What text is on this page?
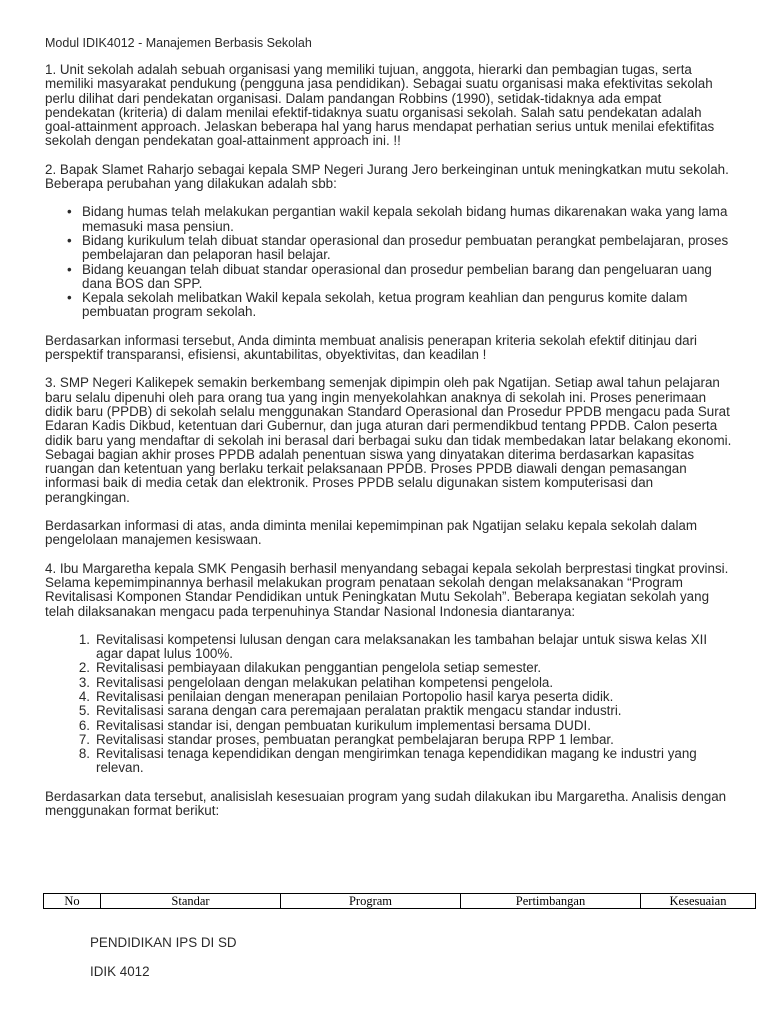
Modul IDIK4012 - Manajemen Berbasis Sekolah

1. Unit sekolah adalah sebuah organisasi yang memiliki tujuan, anggota, hierarki dan pembagian tugas, serta memiliki masyarakat pendukung (pengguna jasa pendidikan). Sebagai suatu organisasi maka efektivitas sekolah perlu dilihat dari pendekatan organisasi. Dalam pandangan Robbins (1990), setidak-tidaknya ada empat pendekatan (kriteria) di dalam menilai efektif-tidaknya suatu organisasi sekolah. Salah satu pendekatan adalah goal-attainment approach. Jelaskan beberapa hal yang harus mendapat perhatian serius untuk menilai efektifitas sekolah dengan pendekatan goal-attainment approach ini. !!

2. Bapak Slamet Raharjo sebagai kepala SMP Negeri Jurang Jero berkeinginan untuk meningkatkan mutu sekolah. Beberapa perubahan yang dilakukan adalah sbb:

• Bidang humas telah melakukan pergantian wakil kepala sekolah bidang humas dikarenakan waka yang lama memasuki masa pensiun.
• Bidang kurikulum telah dibuat standar operasional dan prosedur pembuatan perangkat pembelajaran, proses pembelajaran dan pelaporan hasil belajar.
• Bidang keuangan telah dibuat standar operasional dan prosedur pembelian barang dan pengeluaran uang dana BOS dan SPP.
• Kepala sekolah melibatkan Wakil kepala sekolah, ketua program keahlian dan pengurus komite dalam pembuatan program sekolah.

Berdasarkan informasi tersebut, Anda diminta membuat analisis penerapan kriteria sekolah efektif ditinjau dari perspektif transparansi, efisiensi, akuntabilitas, obyektivitas, dan keadilan !

3. SMP Negeri Kalikepek semakin berkembang semenjak dipimpin oleh pak Ngatijan. Setiap awal tahun pelajaran baru selalu dipenuhi oleh para orang tua yang ingin menyekolahkan anaknya di sekolah ini. Proses penerimaan didik baru (PPDB) di sekolah selalu menggunakan Standard Operasional dan Prosedur PPDB mengacu pada Surat Edaran Kadis Dikbud, ketentuan dari Gubernur, dan juga aturan dari permendikbud tentang PPDB. Calon peserta didik baru yang mendaftar di sekolah ini berasal dari berbagai suku dan tidak membedakan latar belakang ekonomi. Sebagai bagian akhir proses PPDB adalah penentuan siswa yang dinyatakan diterima berdasarkan kapasitas ruangan dan ketentuan yang berlaku terkait pelaksanaan PPDB. Proses PPDB diawali dengan pemasangan informasi baik di media cetak dan elektronik. Proses PPDB selalu digunakan sistem komputerisasi dan perangkingan.

Berdasarkan informasi di atas, anda diminta menilai kepemimpinan pak Ngatijan selaku kepala sekolah dalam pengelolaan manajemen kesiswaan.

4. Ibu Margaretha kepala SMK Pengasih berhasil menyandang sebagai kepala sekolah berprestasi tingkat provinsi. Selama kepemimpinannya berhasil melakukan program penataan sekolah dengan melaksanakan “Program Revitalisasi Komponen Standar Pendidikan untuk Peningkatan Mutu Sekolah”. Beberapa kegiatan sekolah yang telah dilaksanakan mengacu pada terpenuhinya Standar Nasional Indonesia diantaranya:

1. Revitalisasi kompetensi lulusan dengan cara melaksanakan les tambahan belajar untuk siswa kelas XII agar dapat lulus 100%.
2. Revitalisasi pembiayaan dilakukan penggantian pengelola setiap semester.
3. Revitalisasi pengelolaan dengan melakukan pelatihan kompetensi pengelola.
4. Revitalisasi penilaian dengan menerapan penilaian Portopolio hasil karya peserta didik.
5. Revitalisasi sarana dengan cara peremajaan peralatan praktik mengacu standar industri.
6. Revitalisasi standar isi, dengan pembuatan kurikulum implementasi bersama DUDI.
7. Revitalisasi standar proses, pembuatan perangkat pembelajaran berupa RPP 1 lembar.
8. Revitalisasi tenaga kependidikan dengan mengirimkan tenaga kependidikan magang ke industri yang relevan.

Berdasarkan data tersebut, analisislah kesesuaian program yang sudah dilakukan ibu Margaretha. Analisis dengan menggunakan format berikut:

No	Standar	Program	Pertimbangan	Kesesuaian
PENDIDIKAN IPS DI SD
IDIK 4012
